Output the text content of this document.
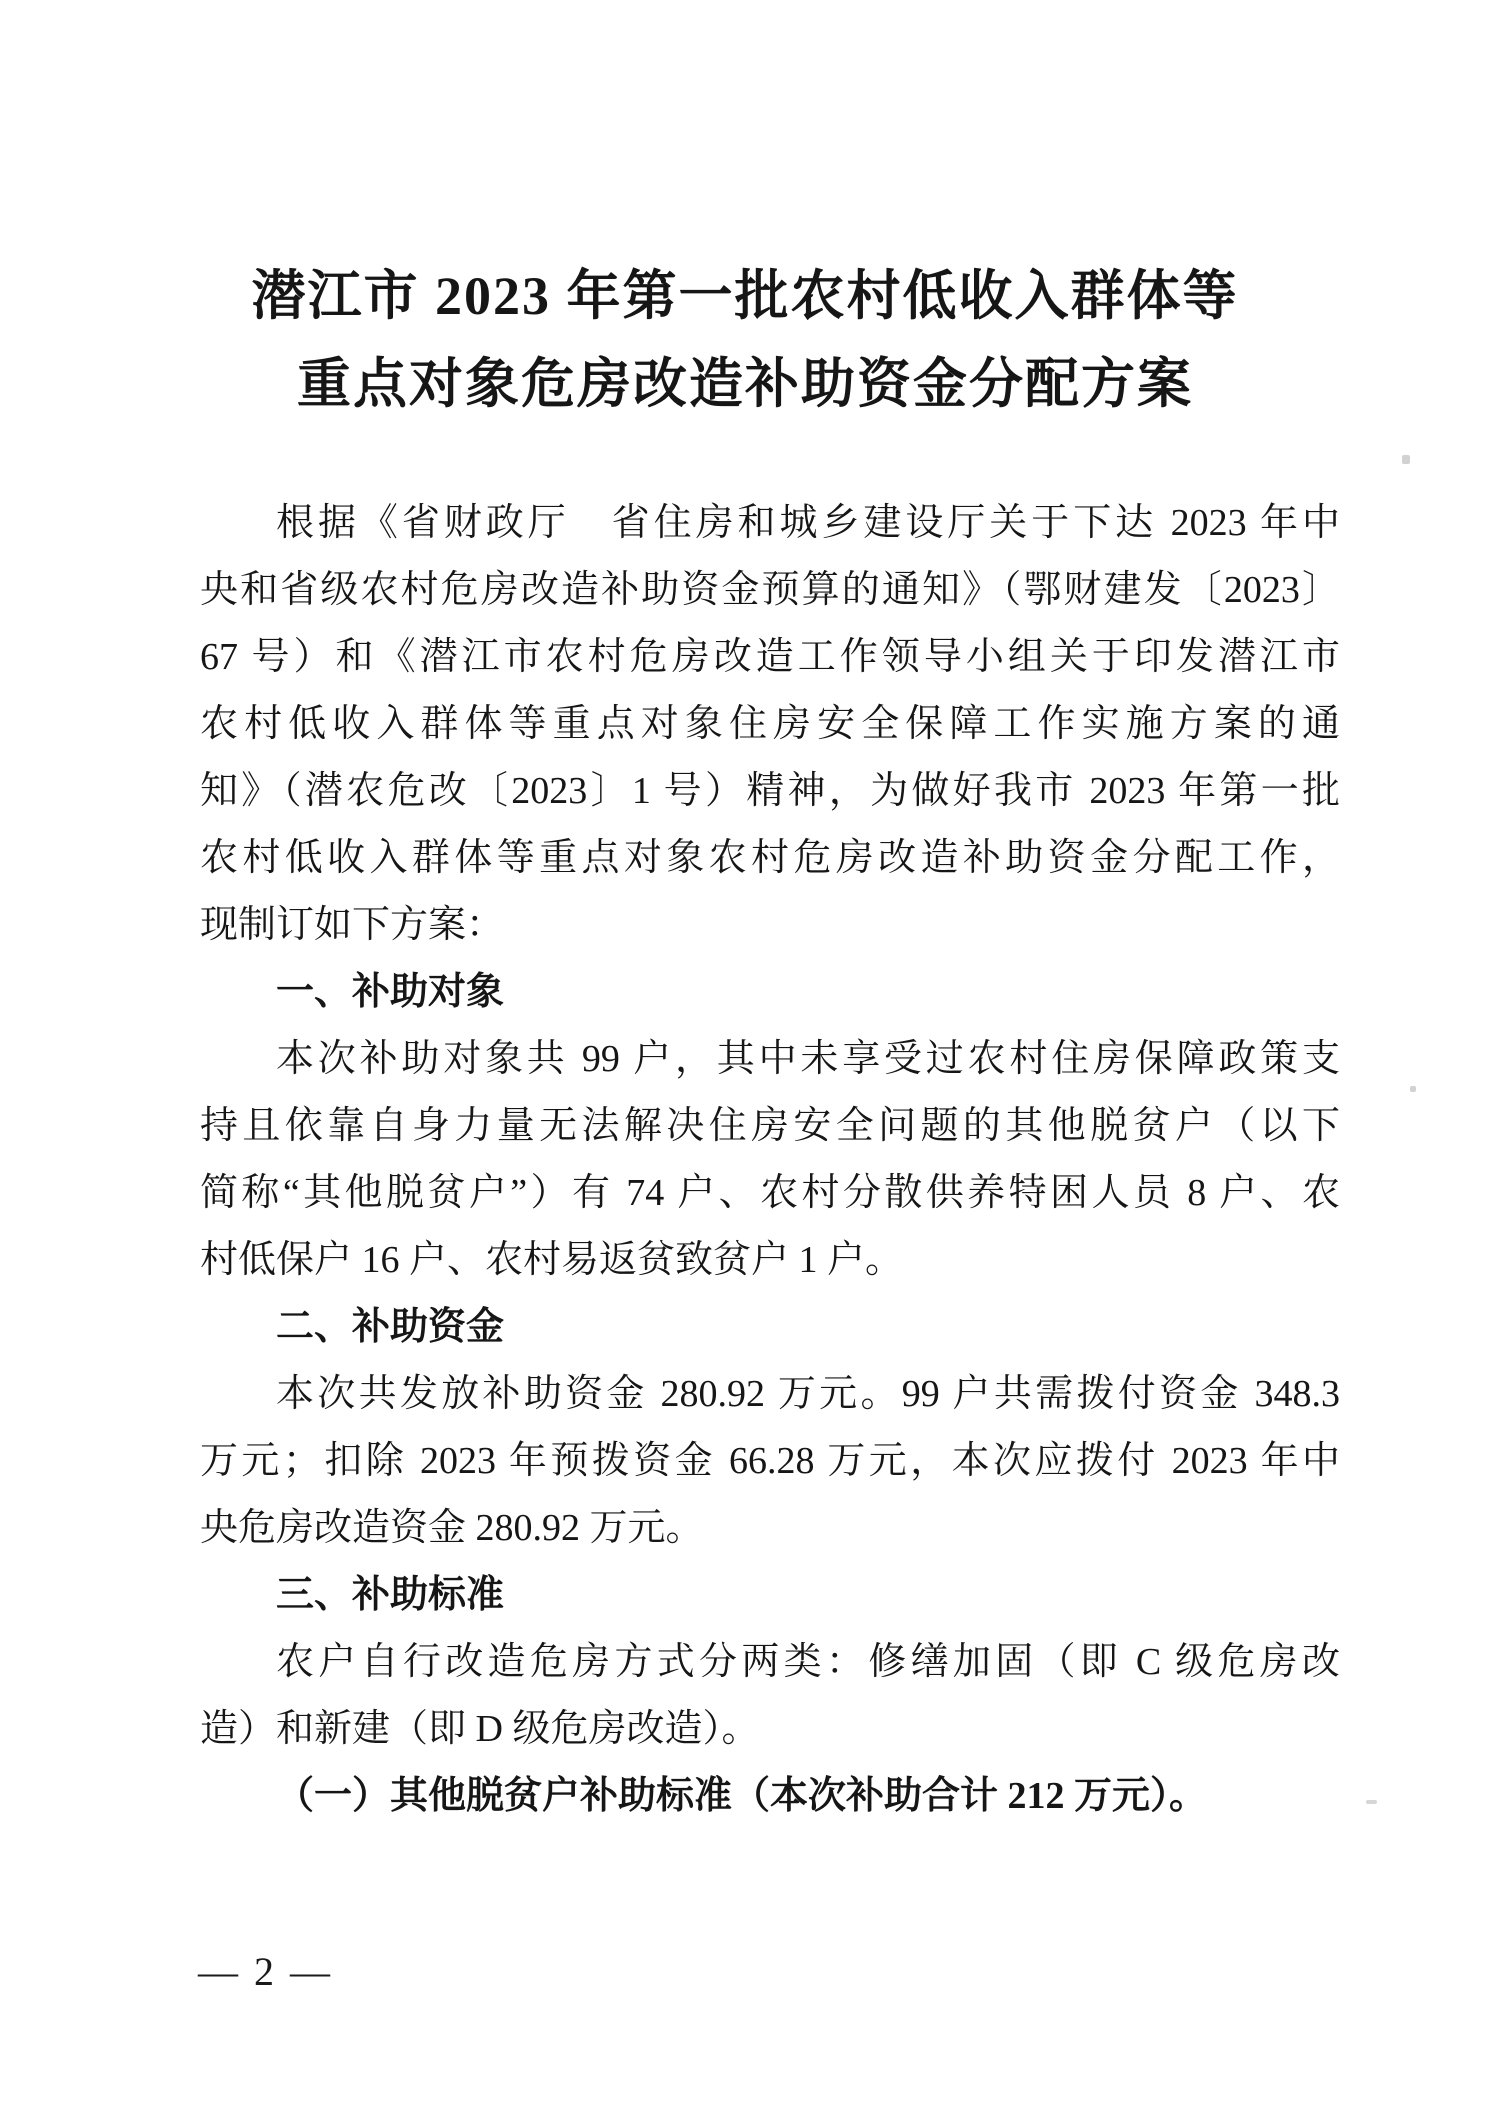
潜江市 2023 年第一批农村低收入群体等
重点对象危房改造补助资金分配方案
根据《省财政厅　省住房和城乡建设厅关于下达 2023 年中
央和省级农村危房改造补助资金预算的通知》（鄂财建发〔2023〕
67 号）和《潜江市农村危房改造工作领导小组关于印发潜江市
农村低收入群体等重点对象住房安全保障工作实施方案的通
知》（潜农危改〔2023〕1 号）精神，为做好我市 2023 年第一批
农村低收入群体等重点对象农村危房改造补助资金分配工作，
现制订如下方案：
一、补助对象
本次补助对象共 99 户，其中未享受过农村住房保障政策支
持且依靠自身力量无法解决住房安全问题的其他脱贫户（以下
简称“其他脱贫户”）有 74 户、农村分散供养特困人员 8 户、农
村低保户 16 户、农村易返贫致贫户 1 户。
二、补助资金
本次共发放补助资金 280.92 万元。99 户共需拨付资金 348.3
万元；扣除 2023 年预拨资金 66.28 万元，本次应拨付 2023 年中
央危房改造资金 280.92 万元。
三、补助标准
农户自行改造危房方式分两类：修缮加固（即 C 级危房改
造）和新建（即 D 级危房改造）。
（一）其他脱贫户补助标准（本次补助合计 212 万元）。
— 2 —
